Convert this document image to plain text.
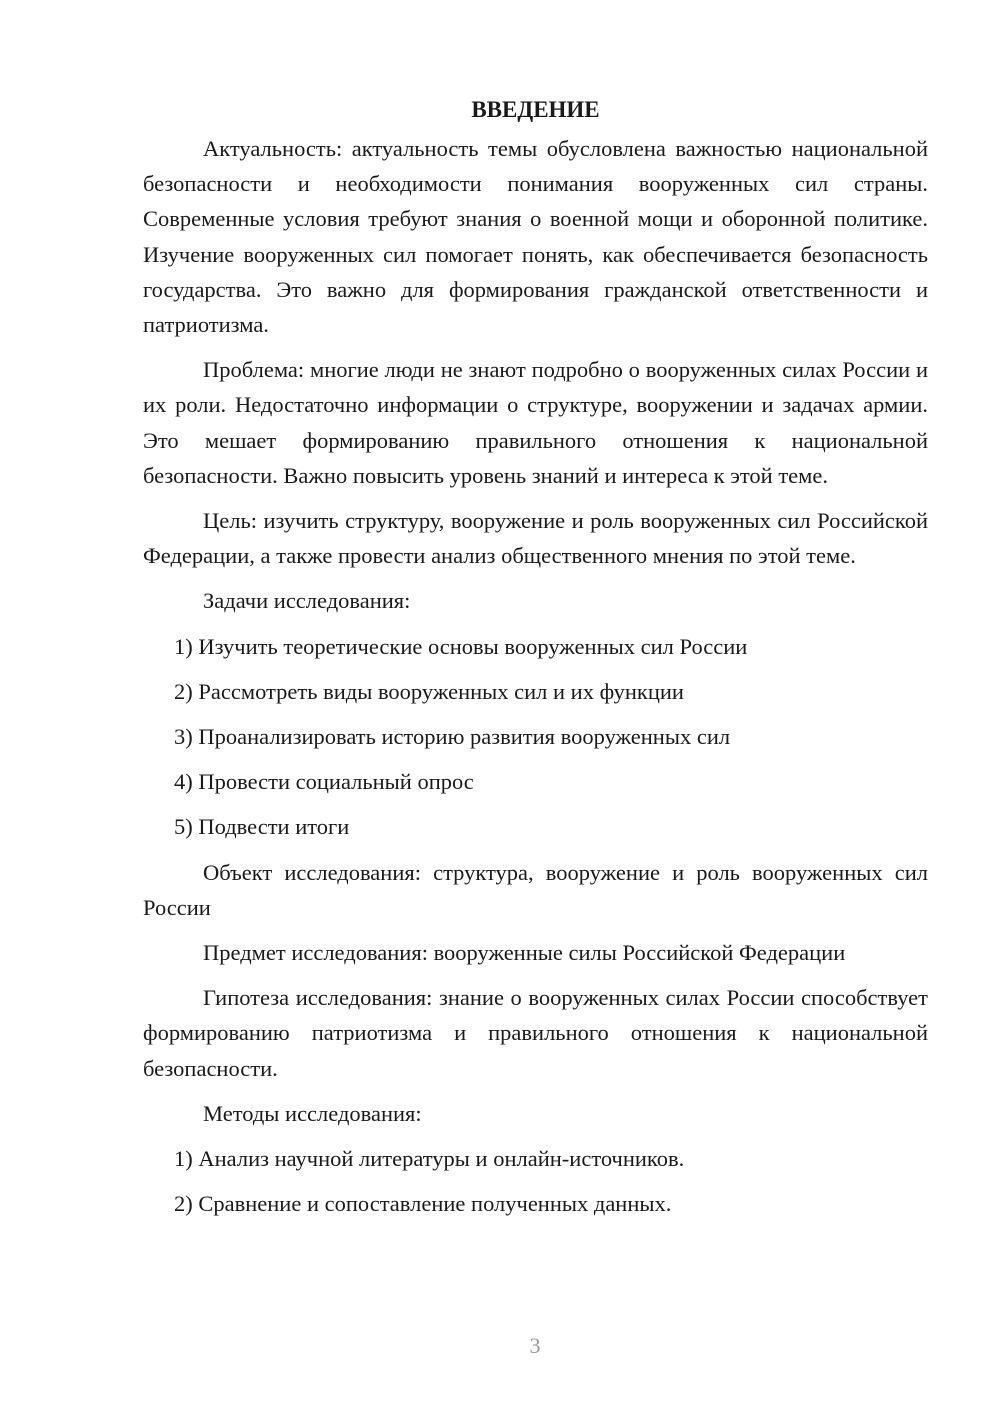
ВВЕДЕНИЕ

Актуальность: актуальность темы обусловлена важностью национальной безопасности и необходимости понимания вооруженных сил страны. Современные условия требуют знания о военной мощи и оборонной политике. Изучение вооруженных сил помогает понять, как обеспечивается безопасность государства. Это важно для формирования гражданской ответственности и патриотизма.

Проблема: многие люди не знают подробно о вооруженных силах России и их роли. Недостаточно информации о структуре, вооружении и задачах армии. Это мешает формированию правильного отношения к национальной безопасности. Важно повысить уровень знаний и интереса к этой теме.

Цель: изучить структуру, вооружение и роль вооруженных сил Российской Федерации, а также провести анализ общественного мнения по этой теме.

Задачи исследования:

1) Изучить теоретические основы вооруженных сил России
2) Рассмотреть виды вооруженных сил и их функции
3) Проанализировать историю развития вооруженных сил
4) Провести социальный опрос
5) Подвести итоги

Объект исследования: структура, вооружение и роль вооруженных сил России

Предмет исследования: вооруженные силы Российской Федерации

Гипотеза исследования: знание о вооруженных силах России способствует формированию патриотизма и правильного отношения к национальной безопасности.

Методы исследования:

1) Анализ научной литературы и онлайн-источников.
2) Сравнение и сопоставление полученных данных.
3
